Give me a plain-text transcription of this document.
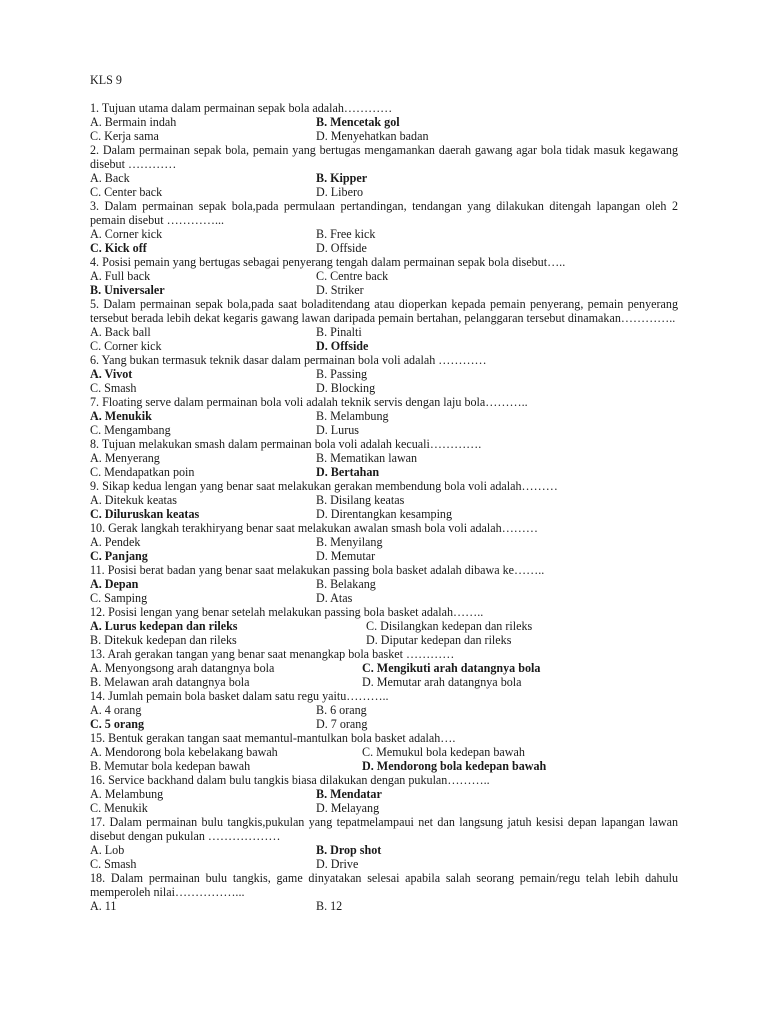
KLS 9
1. Tujuan utama dalam permainan sepak bola adalah…………
A. Bermain indah	B. Mencetak gol
C. Kerja sama	D. Menyehatkan badan
2. Dalam permainan sepak bola, pemain yang bertugas mengamankan daerah gawang agar bola tidak masuk kegawang disebut …………
A. Back	B. Kipper
C. Center back	D. Libero
3. Dalam permainan sepak bola,pada permulaan pertandingan, tendangan yang dilakukan ditengah lapangan oleh 2 pemain disebut …………...
A. Corner kick	B. Free kick
C. Kick off	D. Offside
4. Posisi pemain yang bertugas sebagai penyerang tengah dalam permainan sepak bola disebut…..
A. Full back	C. Centre back
B. Universaler	D. Striker
5. Dalam permainan sepak bola,pada saat boladitendang atau dioperkan kepada pemain penyerang, pemain penyerang tersebut berada lebih dekat kegaris gawang lawan daripada pemain bertahan, pelanggaran tersebut dinamakan…………..
A. Back ball	B. Pinalti
C. Corner kick	D. Offside
6. Yang bukan termasuk teknik dasar dalam permainan bola voli adalah …………
A. Vivot	B. Passing
C. Smash	D. Blocking
7. Floating serve dalam permainan bola voli adalah teknik servis dengan laju bola………..
A. Menukik	B. Melambung
C. Mengambang	D. Lurus
8. Tujuan melakukan smash dalam permainan bola voli adalah kecuali………….
A. Menyerang	B. Mematikan lawan
C. Mendapatkan poin	D. Bertahan
9. Sikap kedua lengan yang benar saat melakukan gerakan membendung bola voli adalah………
A. Ditekuk keatas	B. Disilang keatas
C. Diluruskan keatas	D. Direntangkan kesamping
10. Gerak langkah terakhiryang benar saat melakukan awalan smash bola voli adalah………
A. Pendek	B. Menyilang
C. Panjang	D. Memutar
11. Posisi berat badan yang benar saat melakukan passing bola basket adalah dibawa ke……..
A. Depan	B. Belakang
C. Samping	D. Atas
12. Posisi lengan yang benar setelah melakukan passing bola basket adalah……..
A. Lurus kedepan dan rileks	C. Disilangkan kedepan dan rileks
B. Ditekuk kedepan dan rileks	D. Diputar kedepan dan rileks
13. Arah gerakan tangan yang benar saat menangkap bola basket …………
A. Menyongsong arah datangnya bola	C. Mengikuti arah datangnya bola
B. Melawan arah datangnya bola	D. Memutar arah datangnya bola
14. Jumlah pemain bola basket dalam satu regu yaitu………..
A. 4 orang	B. 6 orang
C. 5 orang	D. 7 orang
15. Bentuk gerakan tangan saat memantul-mantulkan bola basket adalah….
A. Mendorong bola kebelakang bawah	C. Memukul bola kedepan bawah
B. Memutar bola kedepan bawah	D. Mendorong bola kedepan bawah
16. Service backhand dalam bulu tangkis biasa dilakukan dengan pukulan………..
A. Melambung	B. Mendatar
C. Menukik	D. Melayang
17. Dalam permainan bulu tangkis,pukulan yang tepatmelampaui net dan langsung jatuh kesisi depan lapangan lawan disebut dengan pukulan ………………
A. Lob	B. Drop shot
C. Smash	D. Drive
18. Dalam permainan bulu tangkis, game dinyatakan selesai apabila salah seorang pemain/regu telah lebih dahulu memperoleh nilai……………...
A. 11	B. 12
